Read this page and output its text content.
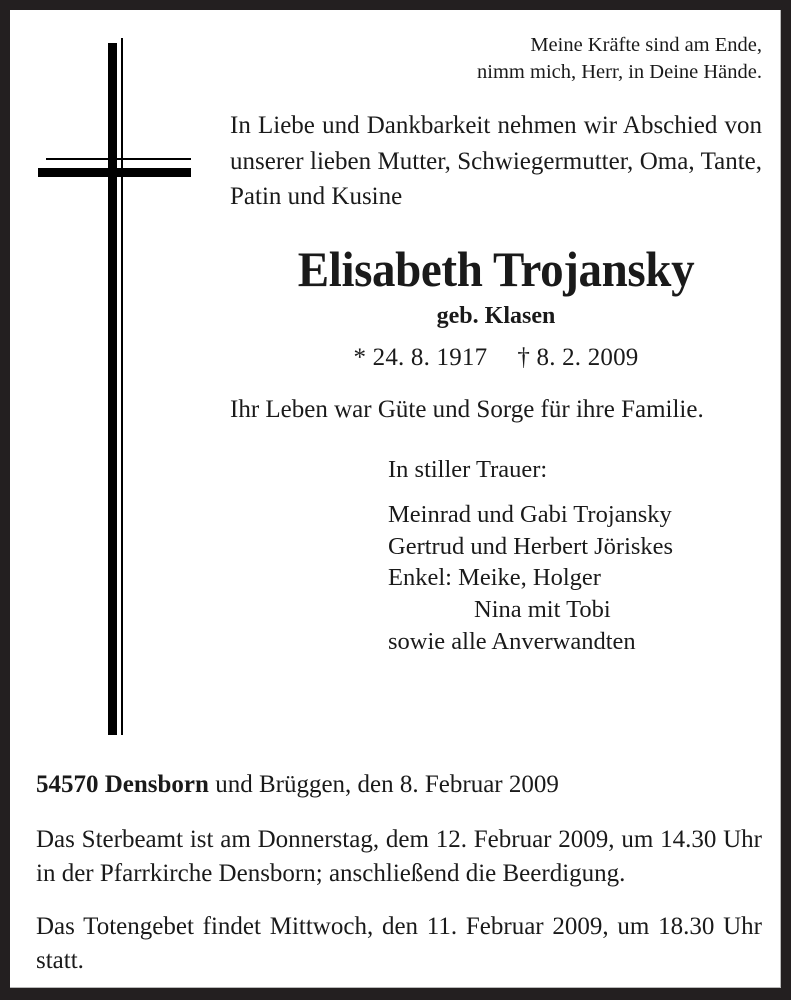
Meine Kräfte sind am Ende,
nimm mich, Herr, in Deine Hände.

In Liebe und Dankbarkeit nehmen wir Abschied von unserer lieben Mutter, Schwiegermutter, Oma, Tante, Patin und Kusine

Elisabeth Trojansky
geb. Klasen
* 24. 8. 1917 † 8. 2. 2009

Ihr Leben war Güte und Sorge für ihre Familie.

In stiller Trauer:
Meinrad und Gabi Trojansky
Gertrud und Herbert Jöriskes
Enkel: Meike, Holger
Nina mit Tobi
sowie alle Anverwandten
54570 Densborn und Brüggen, den 8. Februar 2009

Das Sterbeamt ist am Donnerstag, dem 12. Februar 2009, um 14.30 Uhr in der Pfarrkirche Densborn; anschließend die Beerdigung.

Das Totengebet findet Mittwoch, den 11. Februar 2009, um 18.30 Uhr statt.
